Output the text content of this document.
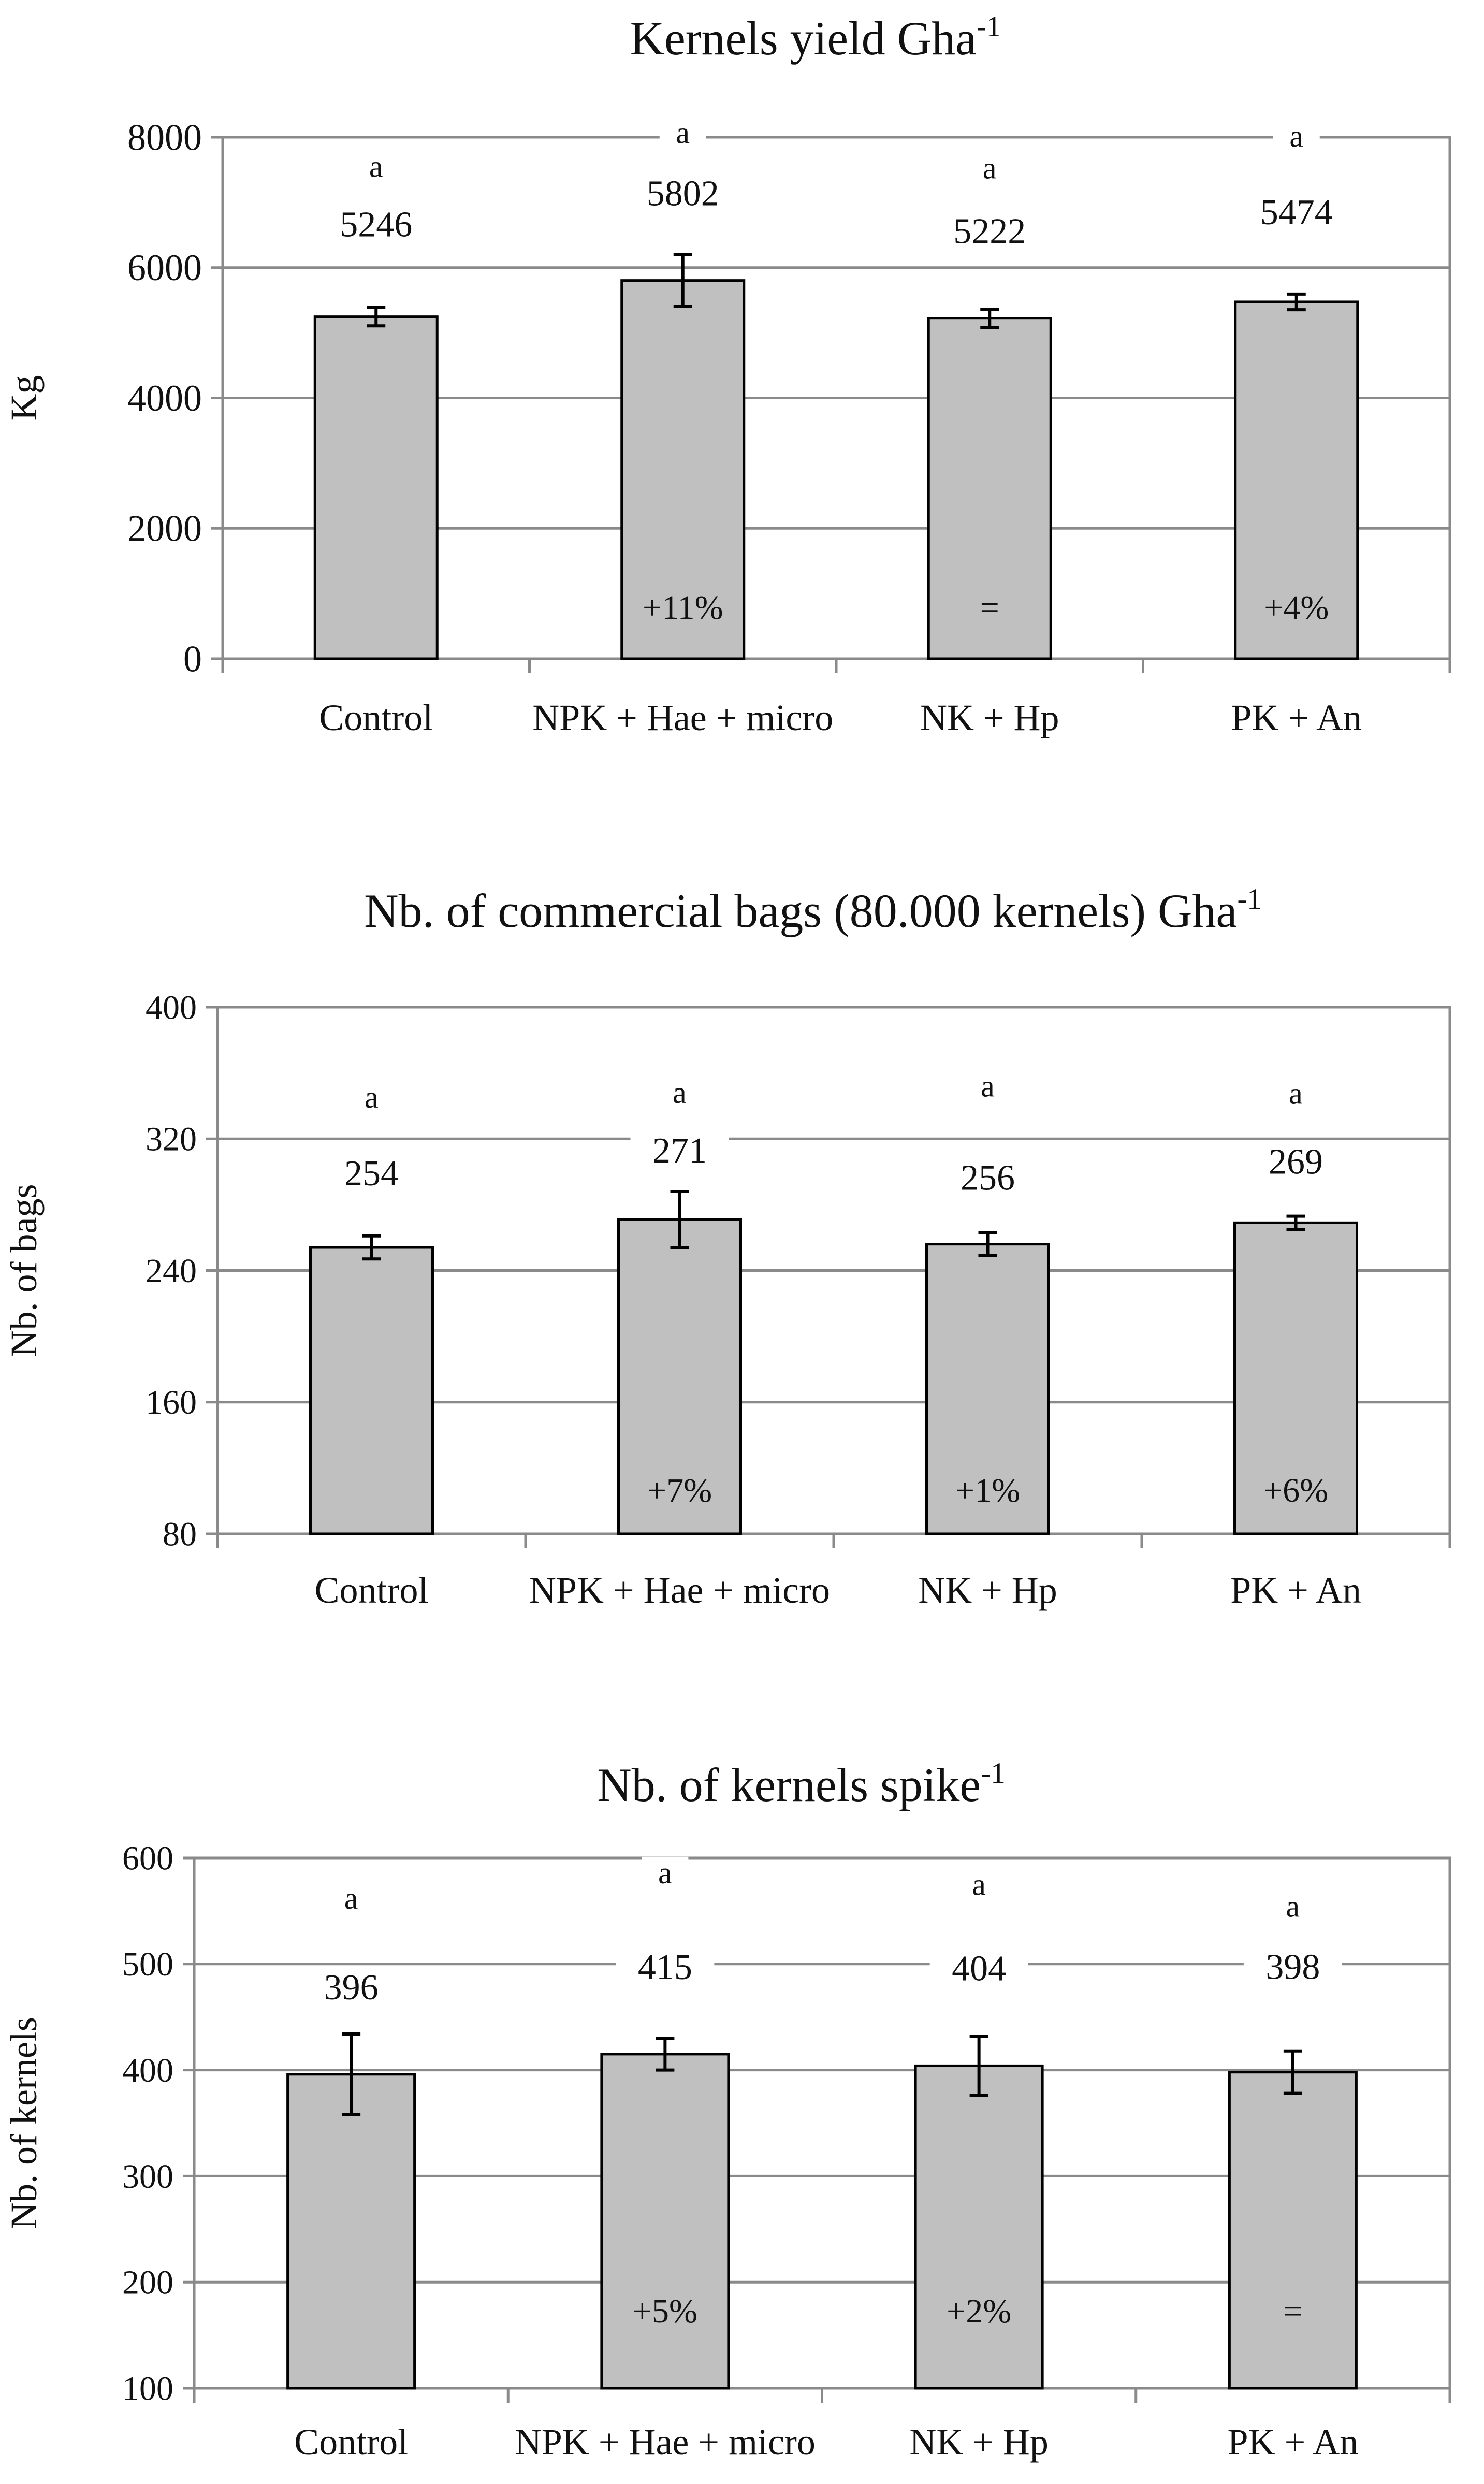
0
2000
4000
6000
8000
5246
a
Control
5802
a
+11%
NPK + Hae + micro
5222
a
=
NK + Hp
5474
a
+4%
PK + An
Kernels yield Gha$^{-1}$
Kg
80
160
240
320
400
254
a
Control
271
a
+7%
NPK + Hae + micro
256
a
+1%
NK + Hp
269
a
+6%
PK + An
Nb. of commercial bags (80.000 kernels) Gha$^{-1}$
Nb. of bags
100
200
300
400
500
600
396
a
Control
415
a
+5%
NPK + Hae + micro
404
a
+2%
NK + Hp
398
a
=
PK + An
Nb. of kernels spike$^{-1}$
Nb. of kernels
